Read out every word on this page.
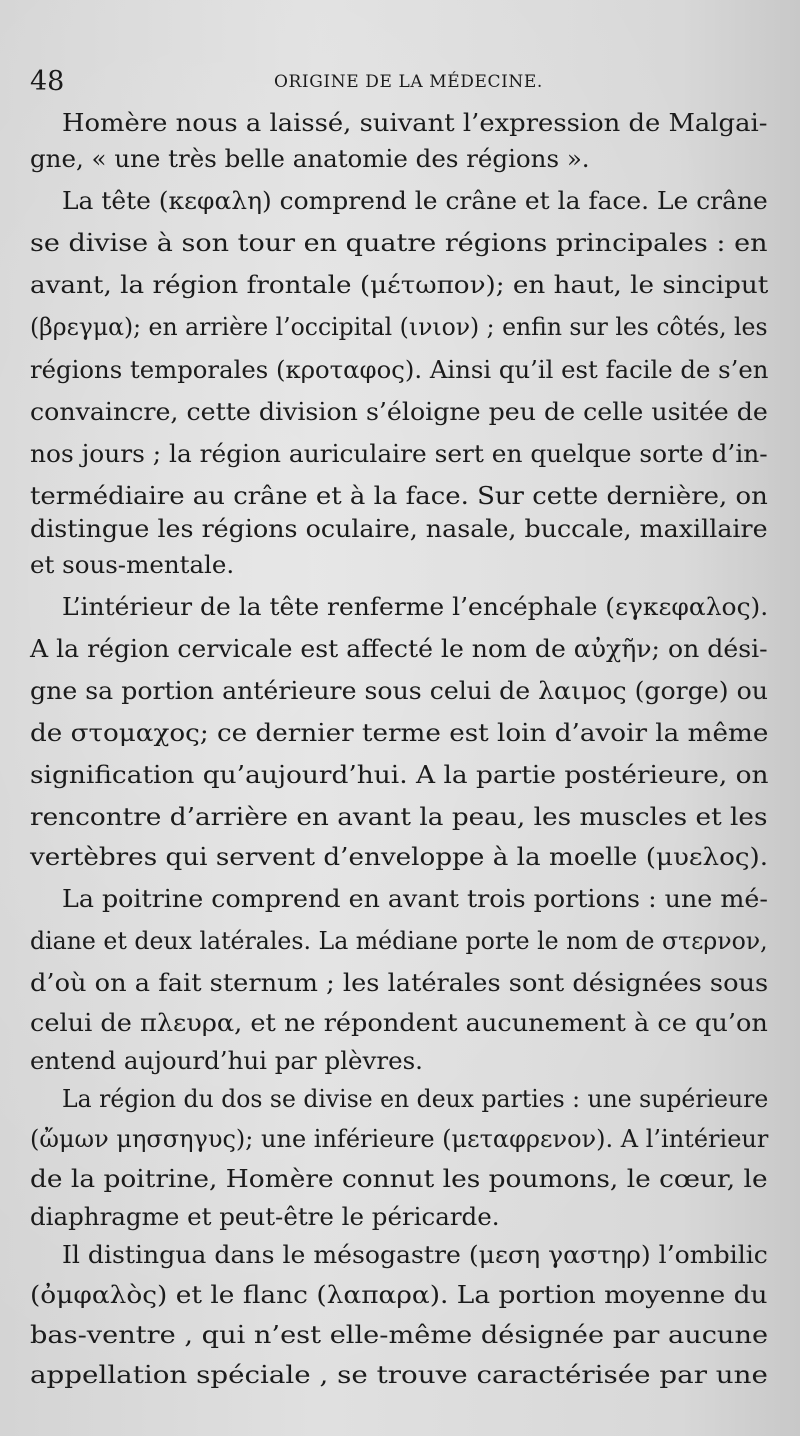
48	ORIGINE DE LA MÉDECINE.
Homère nous a laissé, suivant l’expression de Malgai-
gne, « une très belle anatomie des régions ».
La tête (κεφαλη) comprend le crâne et la face. Le crâne
se divise à son tour en quatre régions principales : en
avant, la région frontale (μέτωπον); en haut, le sinciput
(βρεγμα); en arrière l’occipital (ινιον) ; enfin sur les côtés, les
régions temporales (κροταφος). Ainsi qu’il est facile de s’en
convaincre, cette division s’éloigne peu de celle usitée de
nos jours ; la région auriculaire sert en quelque sorte d’in-
termédiaire au crâne et à la face. Sur cette dernière, on
distingue les régions oculaire, nasale, buccale, maxillaire
et sous-mentale.
L’intérieur de la tête renferme l’encéphale (εγκεφαλος).
A la région cervicale est affecté le nom de αὐχῆν; on dési-
gne sa portion antérieure sous celui de λαιμος (gorge) ou
de στομαχος; ce dernier terme est loin d’avoir la même
signification qu’aujourd’hui. A la partie postérieure, on
rencontre d’arrière en avant la peau, les muscles et les
vertèbres qui servent d’enveloppe à la moelle (μυελος).
La poitrine comprend en avant trois portions : une mé-
diane et deux latérales. La médiane porte le nom de στερνον,
d’où on a fait sternum ; les latérales sont désignées sous
celui de πλευρα, et ne répondent aucunement à ce qu’on
entend aujourd’hui par plèvres.
La région du dos se divise en deux parties : une supérieure
(ὤμων μησσηγυς); une inférieure (μεταφρενον). A l’intérieur
de la poitrine, Homère connut les poumons, le cœur, le
diaphragme et peut-être le péricarde.
Il distingua dans le mésogastre (μεση γαστηρ) l’ombilic
(ὀμφαλὸς) et le flanc (λαπαρα). La portion moyenne du
bas-ventre , qui n’est elle-même désignée par aucune
appellation spéciale , se trouve caractérisée par une
